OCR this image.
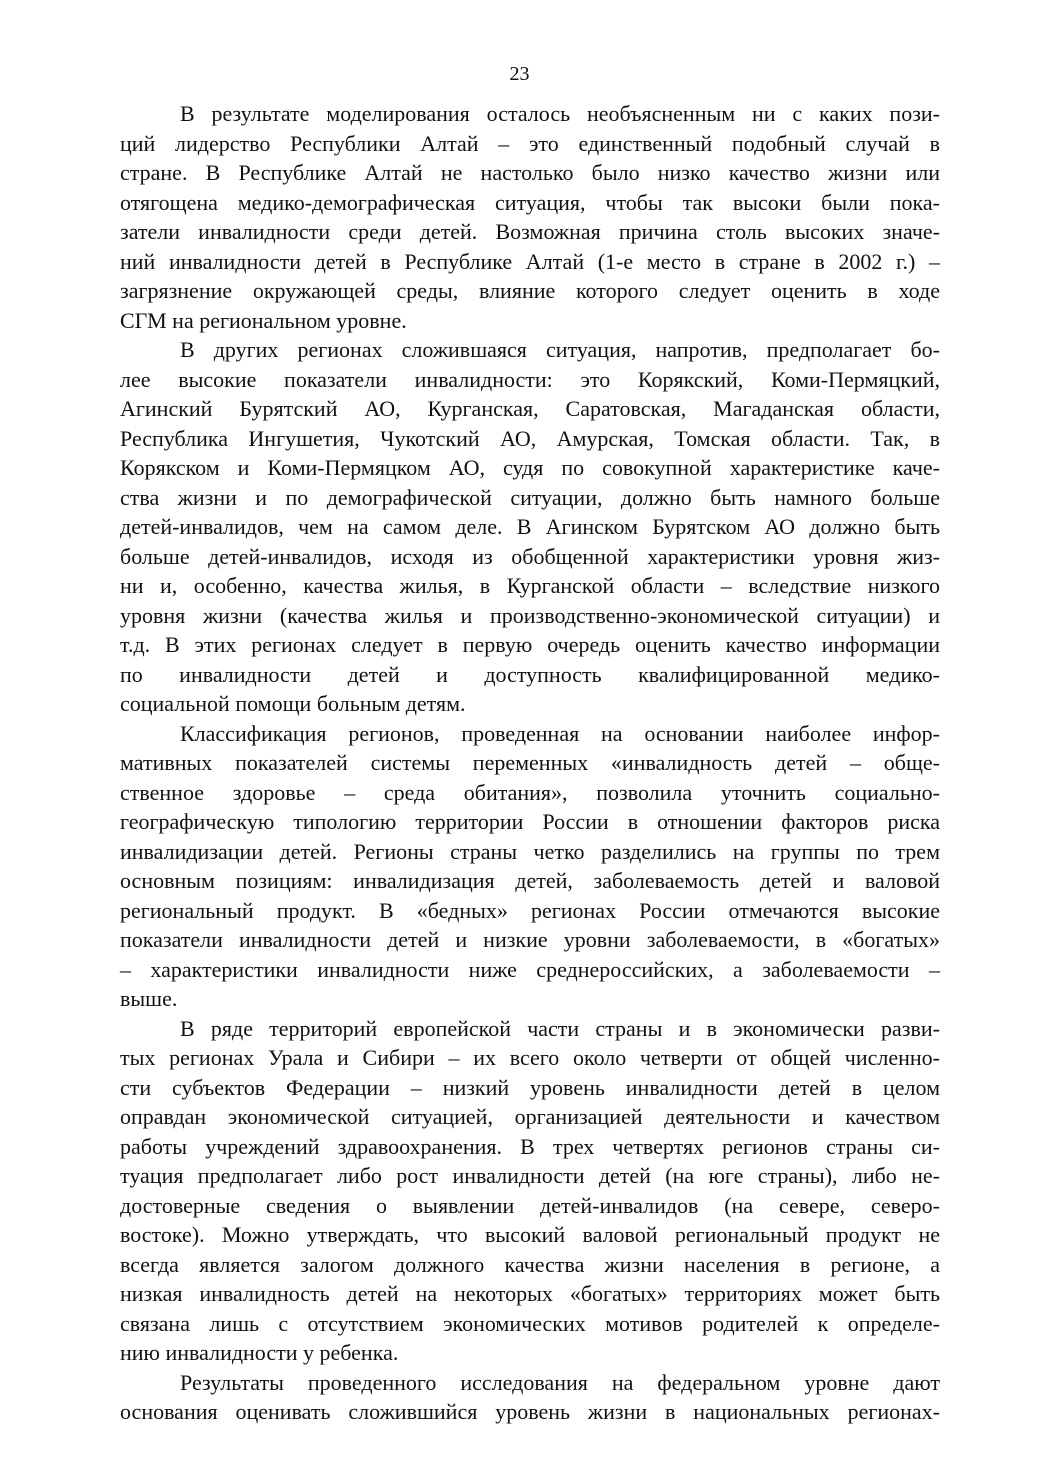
23

В результате моделирования осталось необъясненным ни с каких пози-
ций лидерство Республики Алтай – это единственный подобный случай в
стране. В Республике Алтай не настолько было низко качество жизни или
отягощена медико-демографическая ситуация, чтобы так высоки были пока-
затели инвалидности среди детей. Возможная причина столь высоких значе-
ний инвалидности детей в Республике Алтай (1-е место в стране в 2002 г.) –
загрязнение окружающей среды, влияние которого следует оценить в ходе
СГМ на региональном уровне.

В других регионах сложившаяся ситуация, напротив, предполагает бо-
лее высокие показатели инвалидности: это Корякский, Коми-Пермяцкий,
Агинский Бурятский АО, Курганская, Саратовская, Магаданская области,
Республика Ингушетия, Чукотский АО, Амурская, Томская области. Так, в
Корякском и Коми-Пермяцком АО, судя по совокупной характеристике каче-
ства жизни и по демографической ситуации, должно быть намного больше
детей-инвалидов, чем на самом деле. В Агинском Бурятском АО должно быть
больше детей-инвалидов, исходя из обобщенной характеристики уровня жиз-
ни и, особенно, качества жилья, в Курганской области – вследствие низкого
уровня жизни (качества жилья и производственно-экономической ситуации) и
т.д. В этих регионах следует в первую очередь оценить качество информации
по инвалидности детей и доступность квалифицированной медико-
социальной помощи больным детям.

Классификация регионов, проведенная на основании наиболее инфор-
мативных показателей системы переменных «инвалидность детей – обще-
ственное здоровье – среда обитания», позволила уточнить социально-
географическую типологию территории России в отношении факторов риска
инвалидизации детей. Регионы страны четко разделились на группы по трем
основным позициям: инвалидизация детей, заболеваемость детей и валовой
региональный продукт. В «бедных» регионах России отмечаются высокие
показатели инвалидности детей и низкие уровни заболеваемости, в «богатых»
– характеристики инвалидности ниже среднероссийских, а заболеваемости –
выше.

В ряде территорий европейской части страны и в экономически разви-
тых регионах Урала и Сибири – их всего около четверти от общей численно-
сти субъектов Федерации – низкий уровень инвалидности детей в целом
оправдан экономической ситуацией, организацией деятельности и качеством
работы учреждений здравоохранения. В трех четвертях регионов страны си-
туация предполагает либо рост инвалидности детей (на юге страны), либо не-
достоверные сведения о выявлении детей-инвалидов (на севере, северо-
востоке). Можно утверждать, что высокий валовой региональный продукт не
всегда является залогом должного качества жизни населения в регионе, а
низкая инвалидность детей на некоторых «богатых» территориях может быть
связана лишь с отсутствием экономических мотивов родителей к определе-
нию инвалидности у ребенка.

Результаты проведенного исследования на федеральном уровне дают
основания оценивать сложившийся уровень жизни в национальных регионах-
